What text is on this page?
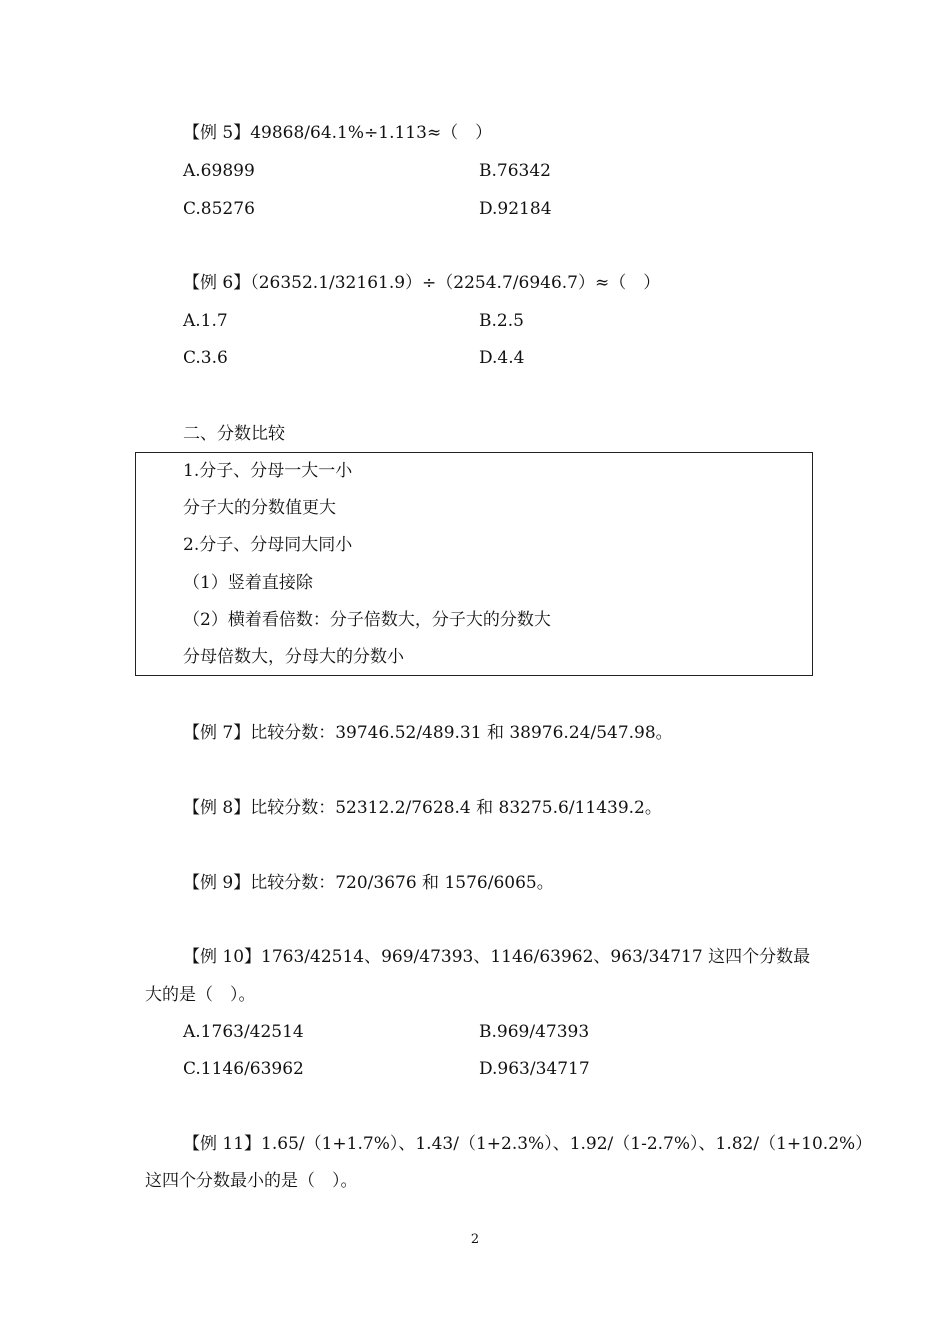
【例 5】49868/64.1%÷1.113≈（　）
A.69899	B.76342
C.85276	D.92184
【例 6】（26352.1/32161.9）÷（2254.7/6946.7）≈（　）
A.1.7	B.2.5
C.3.6	D.4.4
二、分数比较
1.分子、分母一大一小
分子大的分数值更大
2.分子、分母同大同小
（1）竖着直接除
（2）横着看倍数：分子倍数大，分子大的分数大
分母倍数大，分母大的分数小
【例 7】比较分数：39746.52/489.31 和 38976.24/547.98。
【例 8】比较分数：52312.2/7628.4 和 83275.6/11439.2。
【例 9】比较分数：720/3676 和 1576/6065。
【例 10】1763/42514、969/47393、1146/63962、963/34717 这四个分数最
大的是（　）。
A.1763/42514	B.969/47393
C.1146/63962	D.963/34717
【例 11】1.65/（1+1.7%）、1.43/（1+2.3%）、1.92/（1-2.7%）、1.82/（1+10.2%）
这四个分数最小的是（　）。
2
